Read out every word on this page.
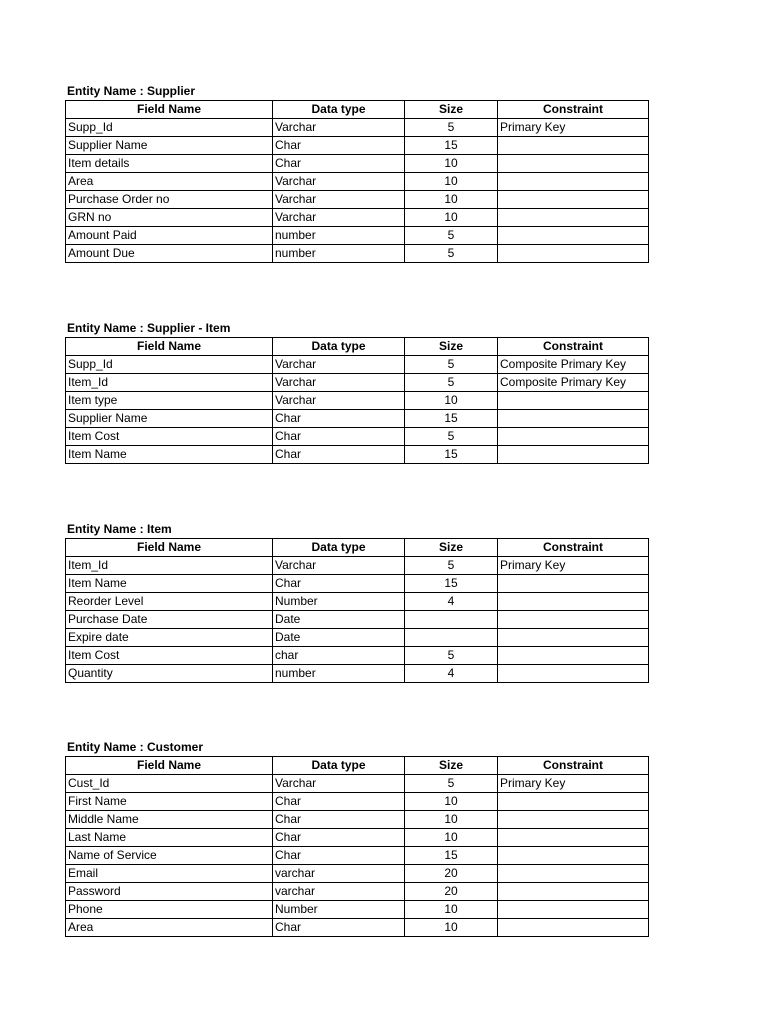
Entity Name : Supplier
Field Name	Data type	Size	Constraint
Supp_Id	Varchar	5	Primary Key
Supplier Name	Char	15	
Item details	Char	10	
Area	Varchar	10	
Purchase Order no	Varchar	10	
GRN no	Varchar	10	
Amount Paid	number	5	
Amount Due	number	5	
Entity Name : Supplier - Item
Field Name	Data type	Size	Constraint
Supp_Id	Varchar	5	Composite Primary Key
Item_Id	Varchar	5	Composite Primary Key
Item type	Varchar	10	
Supplier Name	Char	15	
Item Cost	Char	5	
Item Name	Char	15	
Entity Name : Item
Field Name	Data type	Size	Constraint
Item_Id	Varchar	5	Primary Key
Item Name	Char	15	
Reorder Level	Number	4	
Purchase Date	Date		
Expire date	Date		
Item Cost	char	5	
Quantity	number	4	
Entity Name : Customer
Field Name	Data type	Size	Constraint
Cust_Id	Varchar	5	Primary Key
First Name	Char	10	
Middle Name	Char	10	
Last Name	Char	10	
Name of Service	Char	15	
Email	varchar	20	
Password	varchar	20	
Phone	Number	10	
Area	Char	10	
